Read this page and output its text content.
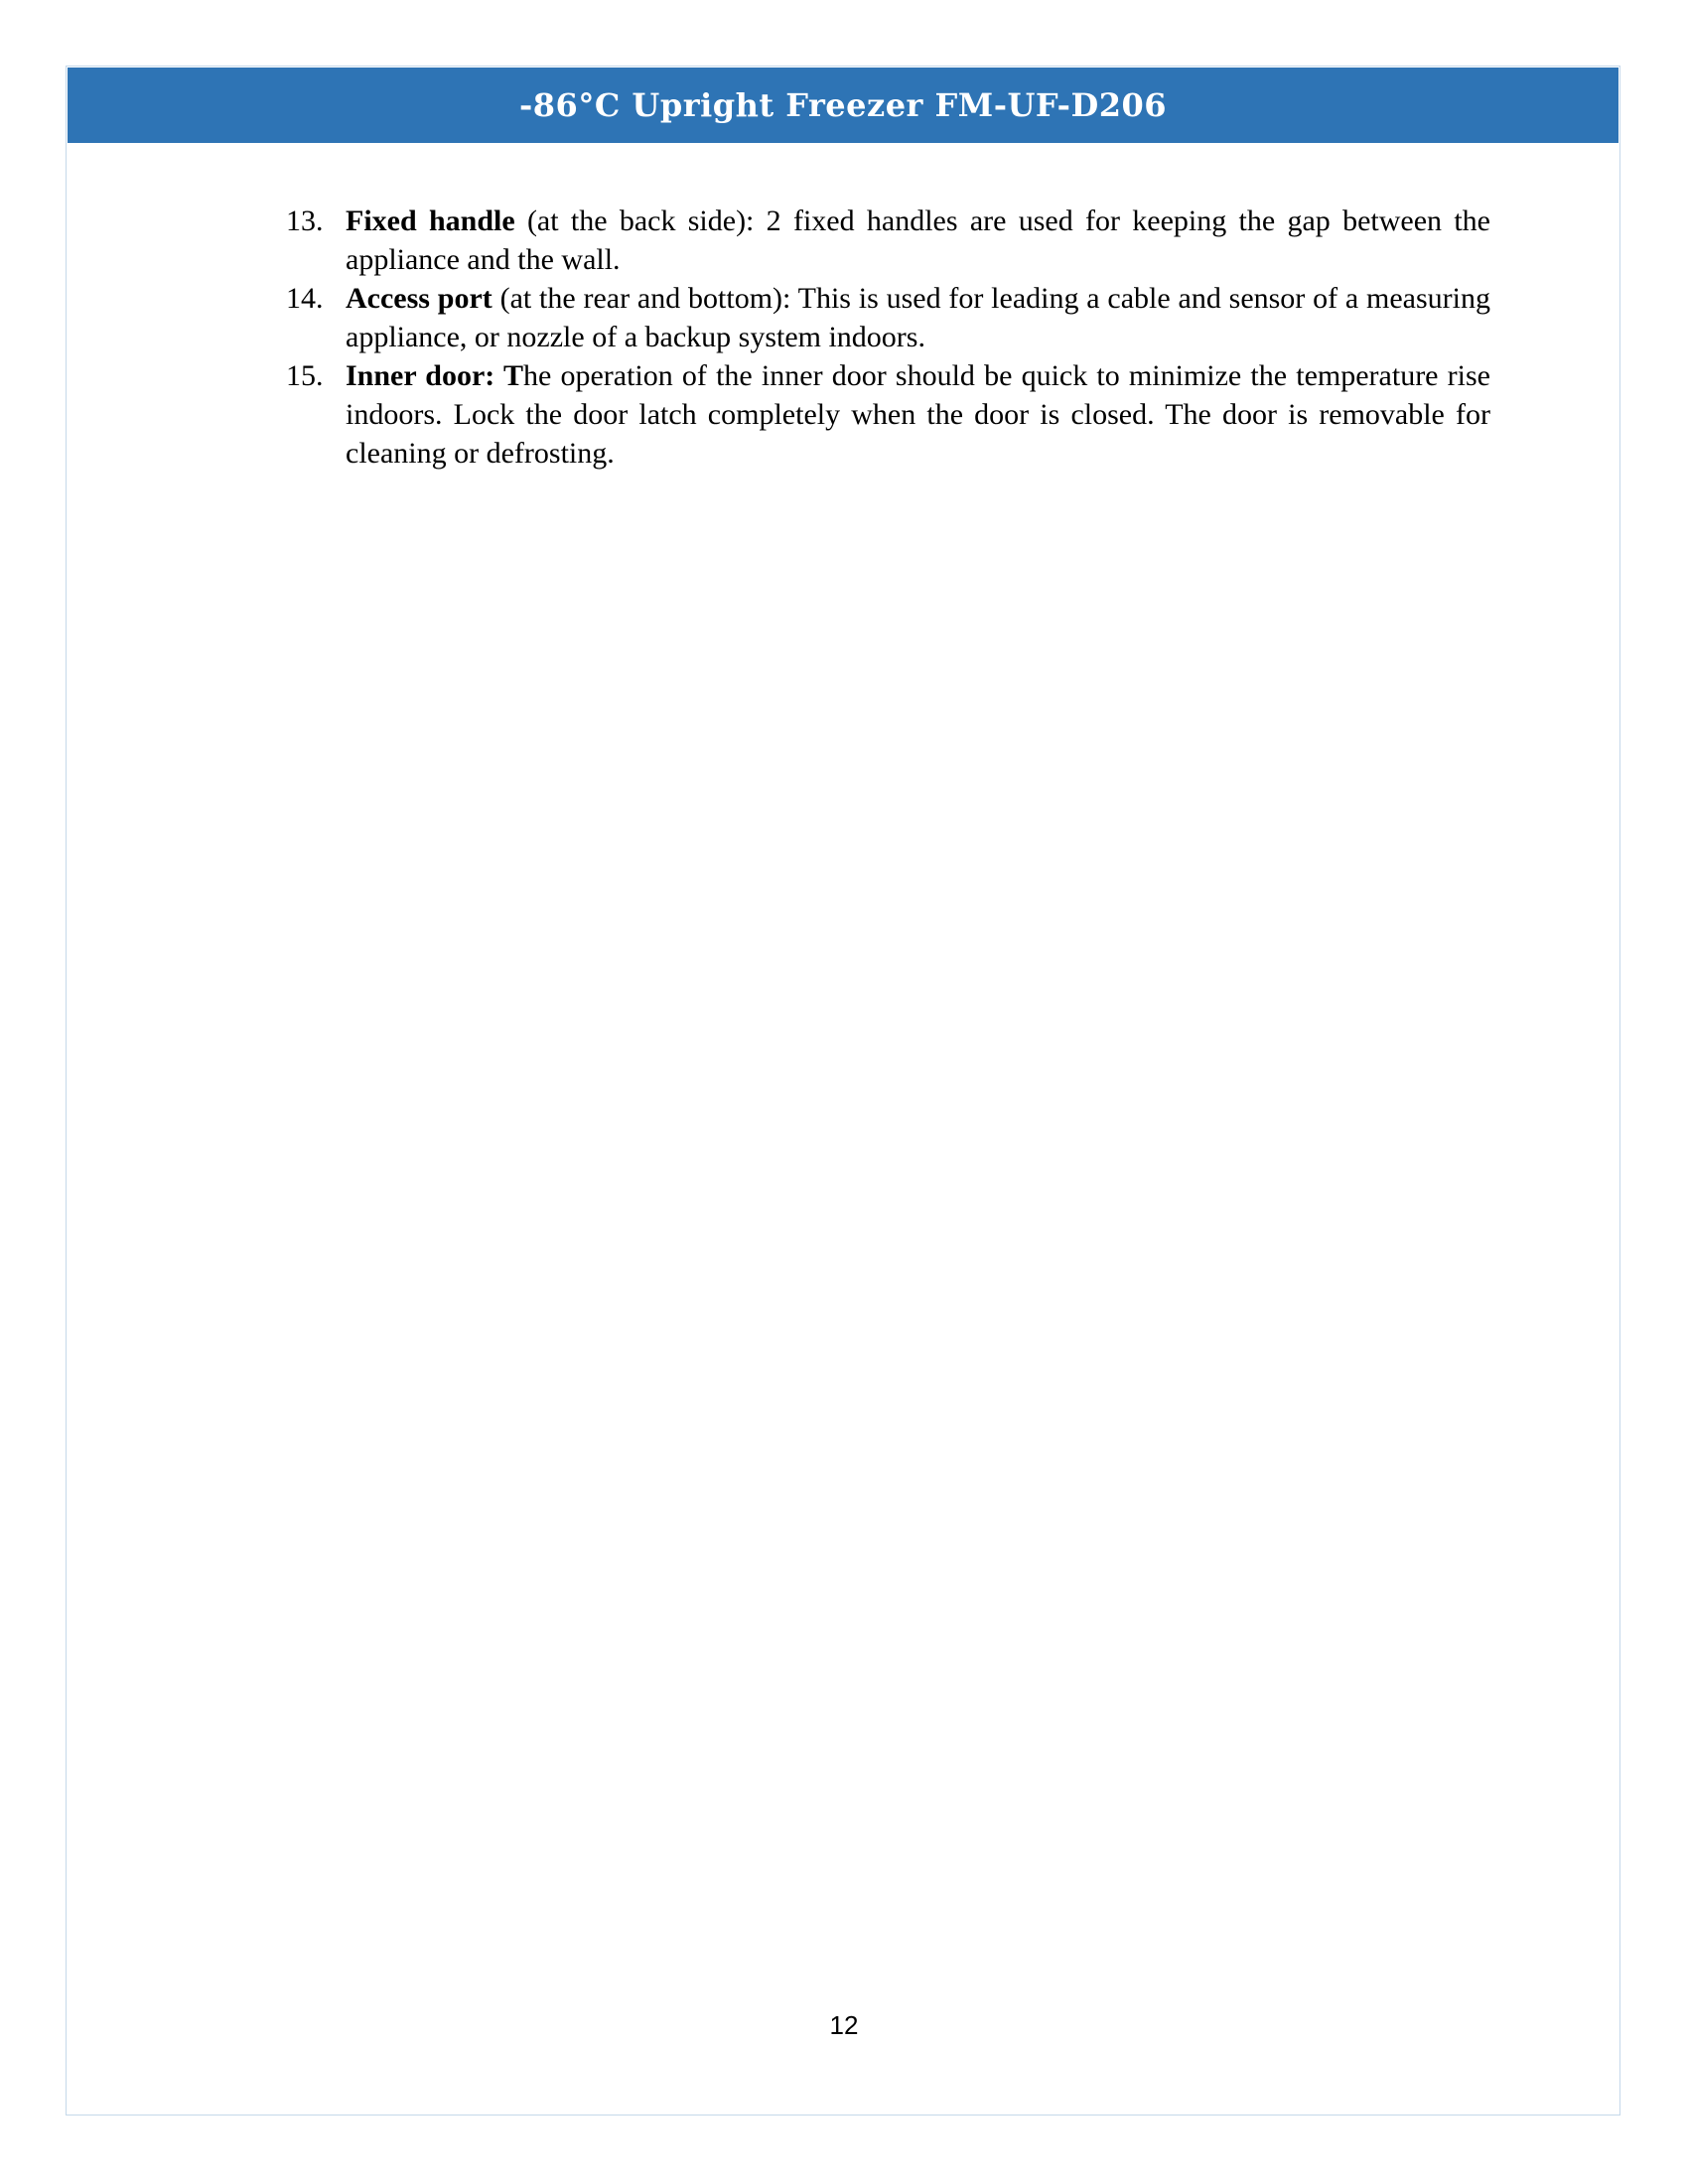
-86°C Upright Freezer FM-UF-D206
13. Fixed handle (at the back side): 2 fixed handles are used for keeping the gap between the appliance and the wall.
14. Access port (at the rear and bottom): This is used for leading a cable and sensor of a measuring appliance, or nozzle of a backup system indoors.
15. Inner door: The operation of the inner door should be quick to minimize the temperature rise indoors. Lock the door latch completely when the door is closed. The door is removable for cleaning or defrosting.
12
